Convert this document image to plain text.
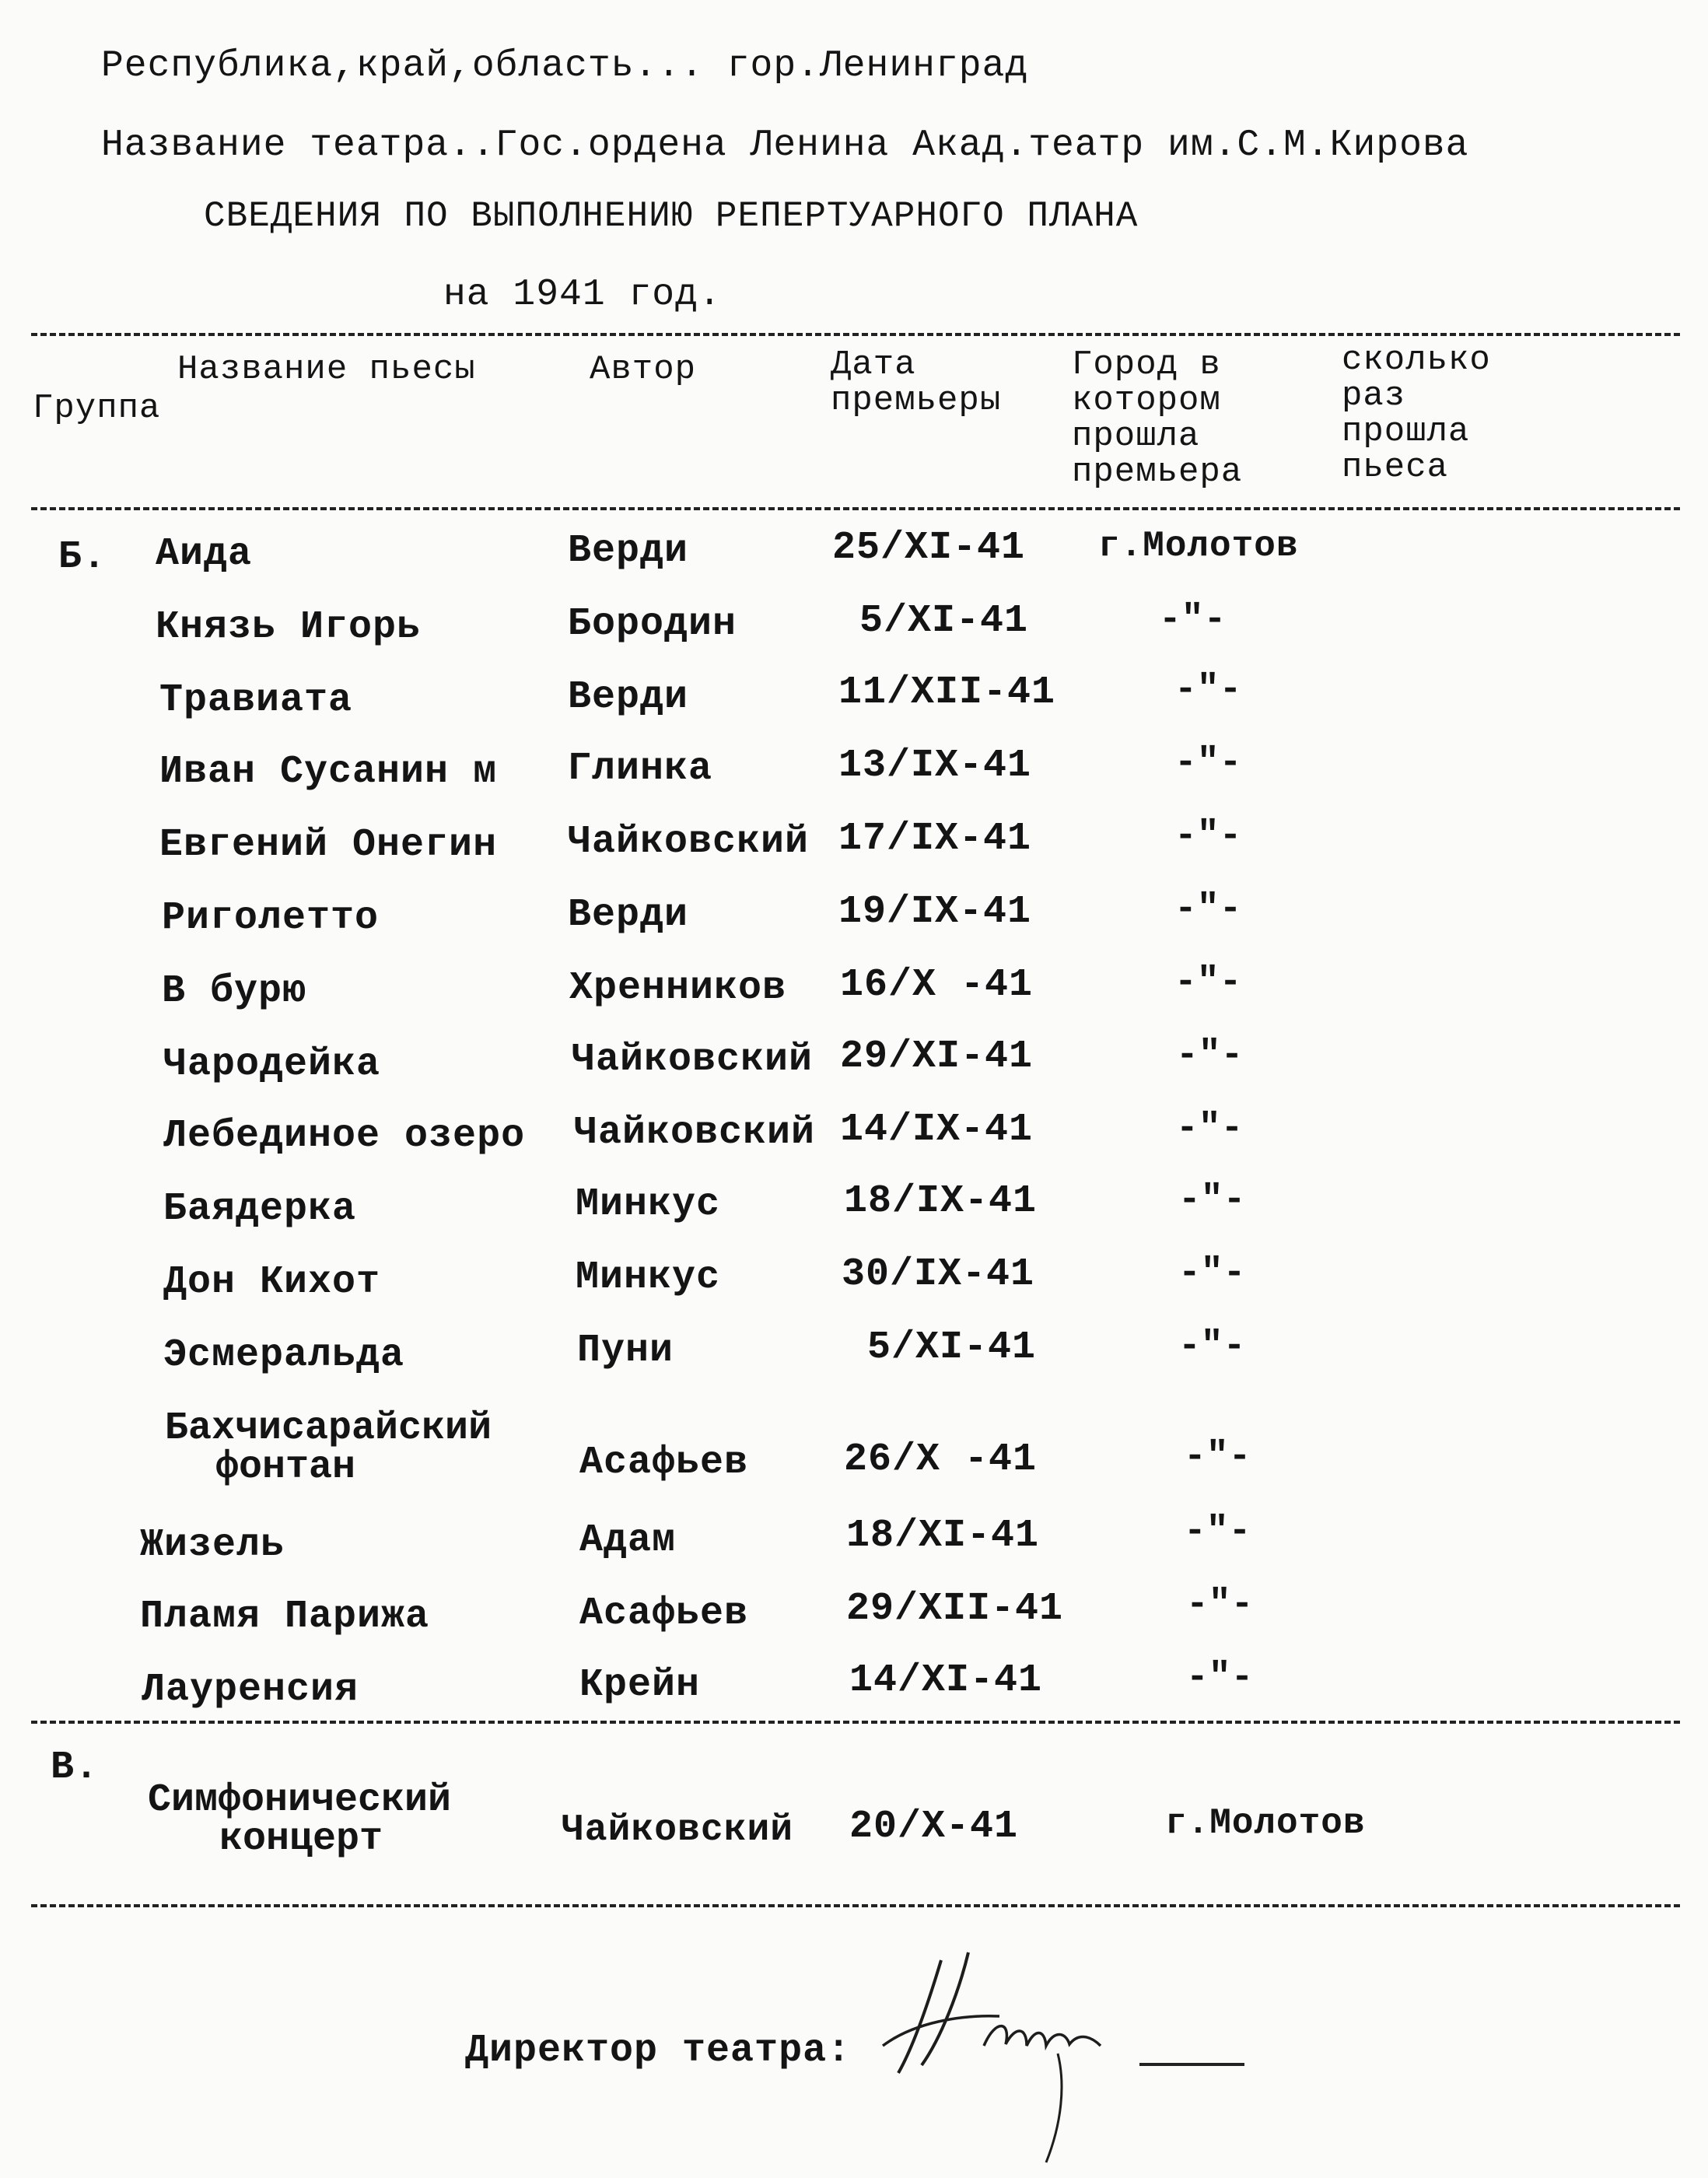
Республика,край,область... гор.Ленинград
Название театра..Гос.ордена Ленина Акад.театр им.С.М.Кирова
СВЕДЕНИЯ ПО ВЫПОЛНЕНИЮ РЕПЕРТУАРНОГО ПЛАНА
на 1941 год.
Группа
Название пьесы	Автор	Дата
премьеры
Город в
котором
прошла
премьера
сколько
раз
прошла
пьеса
Б. Аида	Верди	25/XI-41 г.Молотов
Князь Игорь	Бородин	5/XI-41	-"-
Травиата	Верди	11/XII-41	-"-
Иван Сусанин м Глинка	13/IX-41	-"-
Евгений Онегин Чайковский 17/IX-41	-"-
Риголетто	Верди	19/IX-41	-"-
В бурю	Хренников 16/X -41	-"-
Чародейка	Чайковский 29/XI-41	-"-
Лебединое озеро Чайковский 14/IX-41	-"-
Баядерка	Минкус	18/IX-41	-"-
Дон Кихот	Минкус	30/IX-41	-"-
Эсмеральда	Пуни	5/XI-41	-"-
Бахчисарайский
фонтан	Асафьев 26/X -41	-"-
Жизель	Адам	18/XI-41	-"-
Пламя Парижа	Асафьев	29/XII-41	-"-
Лауренсия	Крейн	14/XI-41	-"-
В.
Симфонический
концерт	Чайковский 20/X-41	г.Молотов
Директор театра:
